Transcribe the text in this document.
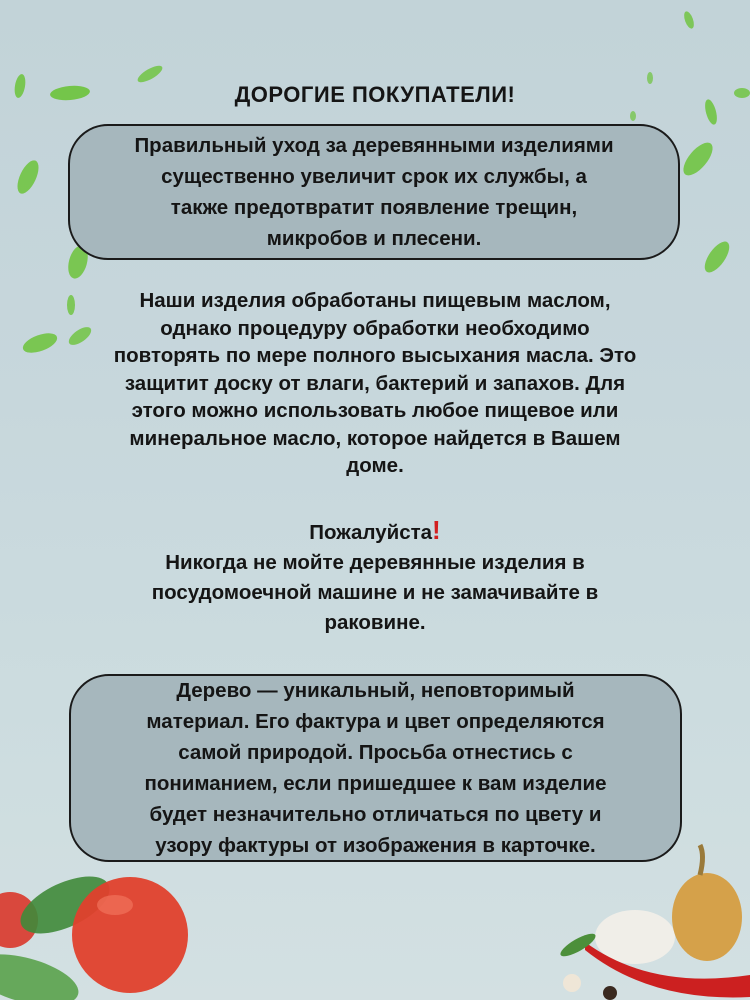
ДОРОГИЕ ПОКУПАТЕЛИ!
Правильный уход за деревянными изделиями
существенно увеличит срок их службы, а
также предотвратит появление трещин,
микробов и плесени.
Наши изделия обработаны пищевым маслом,
однако процедуру обработки необходимо
повторять по мере полного высыхания масла. Это
защитит доску от влаги, бактерий и запахов. Для
этого можно использовать любое пищевое или
минеральное масло, которое найдется в Вашем
доме.
Пожалуйста!
Никогда не мойте деревянные изделия в
посудомоечной машине и не замачивайте в
раковине.
Дерево — уникальный, неповторимый
материал. Его фактура и цвет определяются
самой природой. Просьба отнестись с
пониманием, если пришедшее к вам изделие
будет незначительно отличаться по цвету и
узору фактуры от изображения в карточке.
